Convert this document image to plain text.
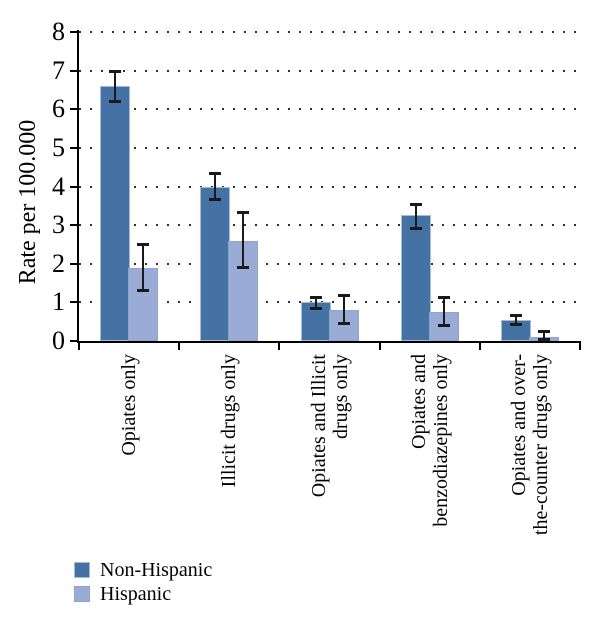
Rate per 100.000
0
1
2
3
4
5
6
7
8
Opiates only	Illicit drugs only	Opiates and Illicit drugs only	Opiates and benzodiazepines only	Opiates and over- the-counter drugs only
Non-Hispanic
Hispanic
